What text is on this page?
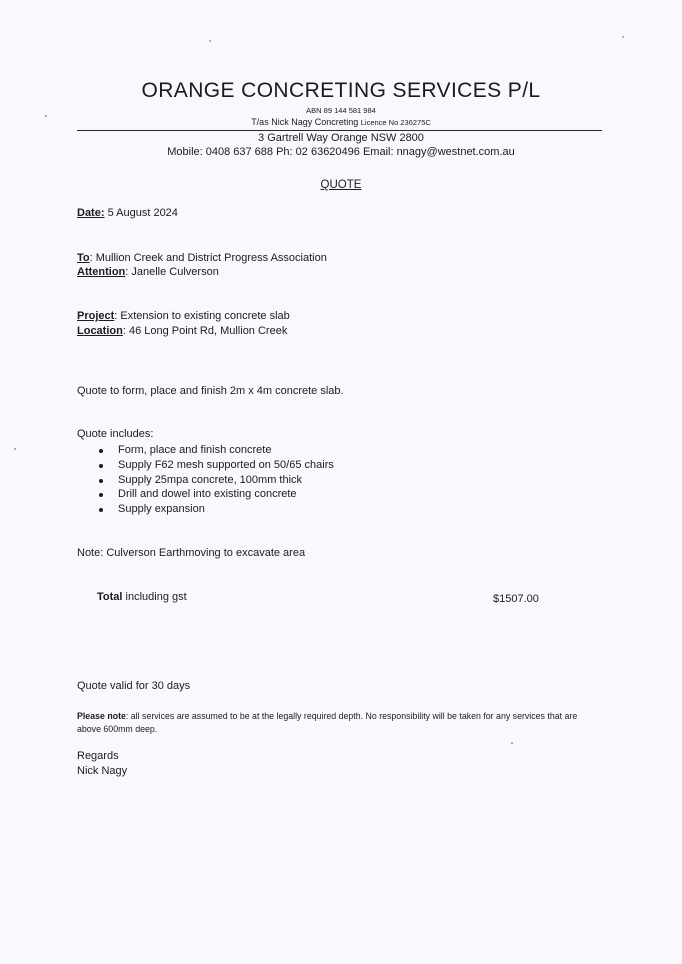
ORANGE CONCRETING SERVICES P/L
ABN 89 144 581 984
T/as Nick Nagy Concreting Licence No 236275C
3 Gartrell Way Orange NSW 2800
Mobile: 0408 637 688 Ph: 02 63620496 Email: nnagy@westnet.com.au
QUOTE
Date: 5 August 2024
To: Mullion Creek and District Progress Association
Attention: Janelle Culverson
Project: Extension to existing concrete slab
Location: 46 Long Point Rd, Mullion Creek
Quote to form, place and finish 2m x 4m concrete slab.
Quote includes:
Form, place and finish concrete
Supply F62 mesh supported on 50/65 chairs
Supply 25mpa concrete, 100mm thick
Drill and dowel into existing concrete
Supply expansion
Note: Culverson Earthmoving to excavate area
Total including gst	$1507.00
Quote valid for 30 days
Please note: all services are assumed to be at the legally required depth. No responsibility will be taken for any services that are above 600mm deep.
Regards
Nick Nagy
